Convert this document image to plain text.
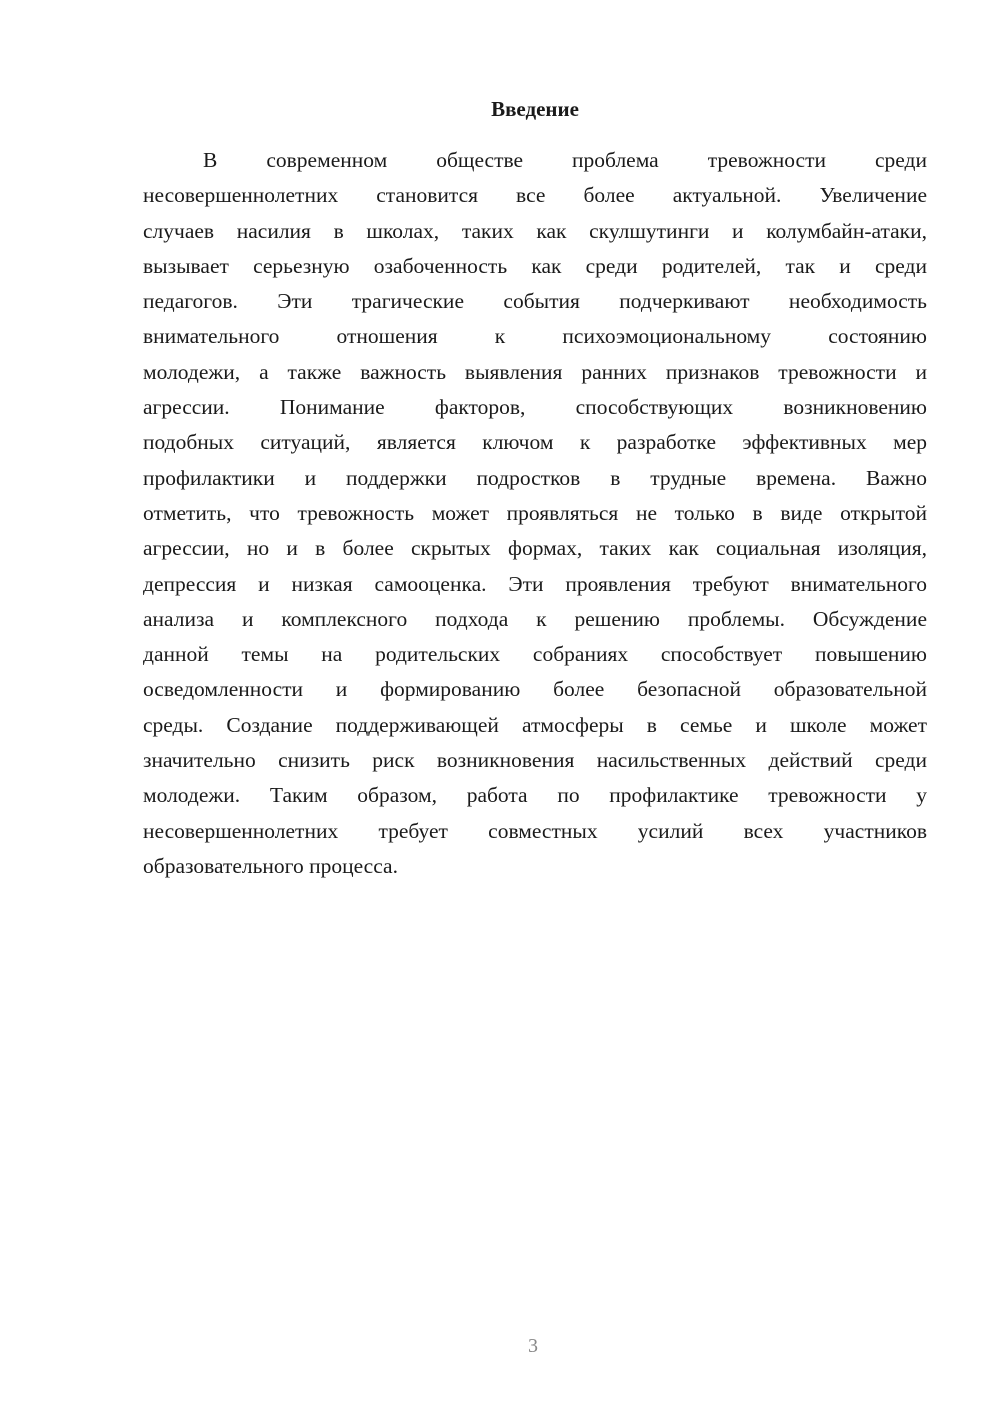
Введение
В современном обществе проблема тревожности среди
несовершеннолетних становится все более актуальной. Увеличение
случаев насилия в школах, таких как скулшутинги и колумбайн-атаки,
вызывает серьезную озабоченность как среди родителей, так и среди
педагогов. Эти трагические события подчеркивают необходимость
внимательного отношения к психоэмоциональному состоянию
молодежи, а также важность выявления ранних признаков тревожности и
агрессии. Понимание факторов, способствующих возникновению
подобных ситуаций, является ключом к разработке эффективных мер
профилактики и поддержки подростков в трудные времена. Важно
отметить, что тревожность может проявляться не только в виде открытой
агрессии, но и в более скрытых формах, таких как социальная изоляция,
депрессия и низкая самооценка. Эти проявления требуют внимательного
анализа и комплексного подхода к решению проблемы. Обсуждение
данной темы на родительских собраниях способствует повышению
осведомленности и формированию более безопасной образовательной
среды. Создание поддерживающей атмосферы в семье и школе может
значительно снизить риск возникновения насильственных действий среди
молодежи. Таким образом, работа по профилактике тревожности у
несовершеннолетних требует совместных усилий всех участников
образовательного процесса.
3
